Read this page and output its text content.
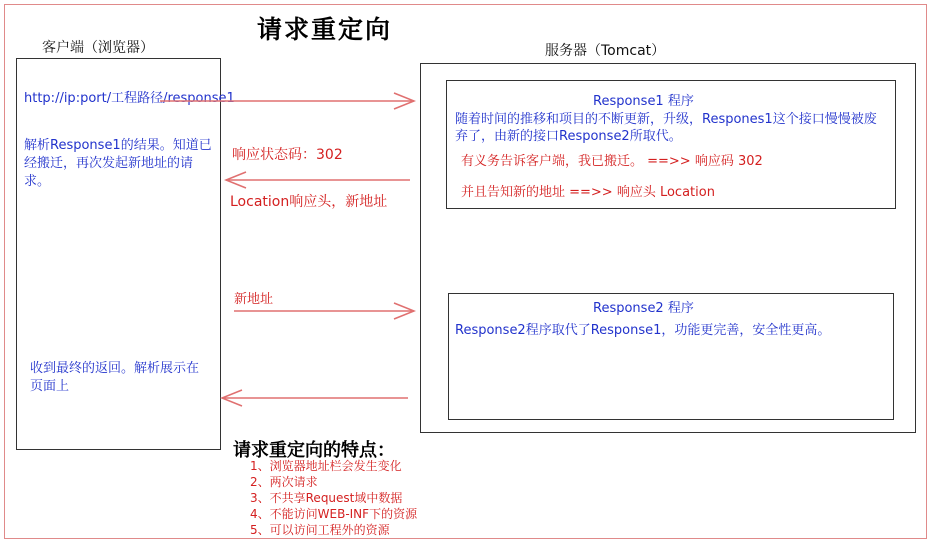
请求重定向
客户端（浏览器）	服务器（Tomcat）
http://ip:port/工程路径/response1
解析Response1的结果。知道已经搬迁，再次发起新地址的请求。
收到最终的返回。解析展示在页面上
Response1 程序
随着时间的推移和项目的不断更新，升级，Respones1这个接口慢慢被废弃了，由新的接口Response2所取代。
有义务告诉客户端，我已搬迁。 ==>> 响应码 302
并且告知新的地址 ==>> 响应头 Location
Response2 程序
Response2程序取代了Response1，功能更完善，安全性更高。
响应状态码：302
Location响应头，新地址
新地址
请求重定向的特点：
1、浏览器地址栏会发生变化
2、两次请求
3、不共享Request域中数据
4、不能访问WEB-INF下的资源
5、可以访问工程外的资源
